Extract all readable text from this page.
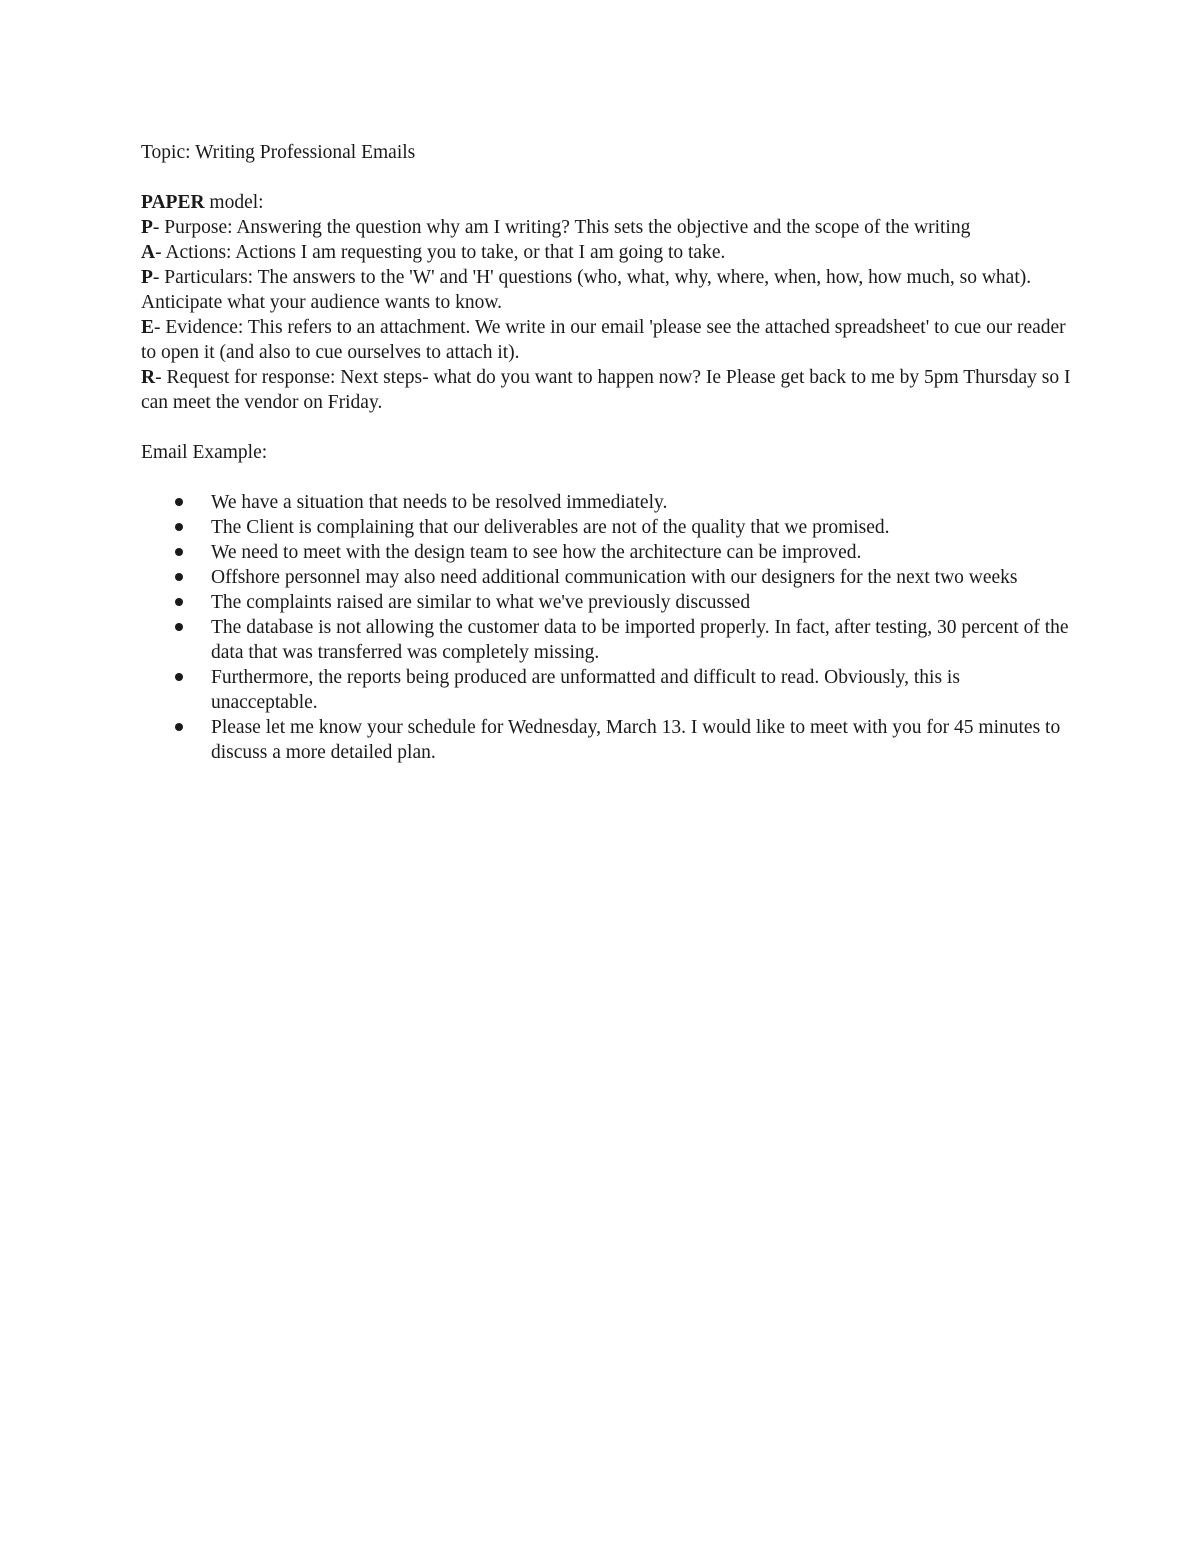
Topic: Writing Professional Emails

PAPER model:

P- Purpose: Answering the question why am I writing? This sets the objective and the scope of the writing

A- Actions: Actions I am requesting you to take, or that I am going to take.

P- Particulars: The answers to the 'W' and 'H' questions (who, what, why, where, when, how, how much, so what). Anticipate what your audience wants to know.

E- Evidence: This refers to an attachment. We write in our email 'please see the attached spreadsheet' to cue our reader to open it (and also to cue ourselves to attach it).

R- Request for response: Next steps- what do you want to happen now? Ie Please get back to me by 5pm Thursday so I can meet the vendor on Friday.

Email Example:

We have a situation that needs to be resolved immediately.
The Client is complaining that our deliverables are not of the quality that we promised.
We need to meet with the design team to see how the architecture can be improved.
Offshore personnel may also need additional communication with our designers for the next two weeks
The complaints raised are similar to what we've previously discussed
The database is not allowing the customer data to be imported properly. In fact, after testing, 30 percent of the data that was transferred was completely missing.
Furthermore, the reports being produced are unformatted and difficult to read. Obviously, this is unacceptable.
Please let me know your schedule for Wednesday, March 13. I would like to meet with you for 45 minutes to discuss a more detailed plan.
